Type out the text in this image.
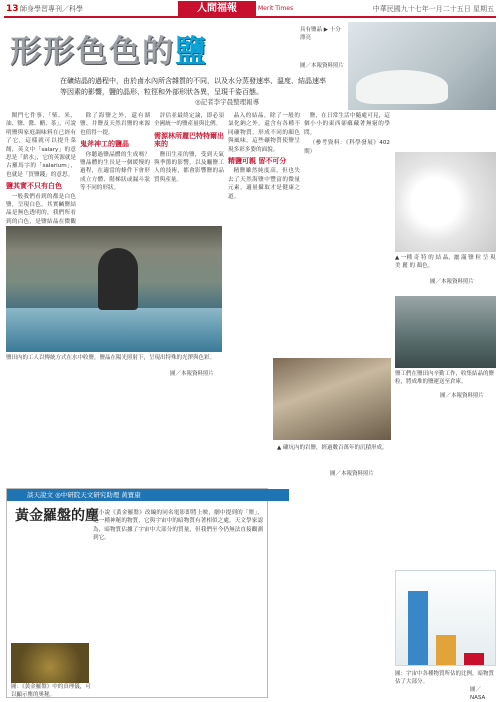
13 師身學習專刊／科學	人間福報	Merit Times	中華民國九十七年一月二十五日 星期五
形形色色的鹽
在礦結晶的過程中，由於鹵水內所含雜質的不同，以及水分蒸發速率、溫度、結晶速率等因素的影響，鹽的晶形、粒徑和外部形狀各異，呈現千姿百態。
◎記者李宇晨整理報導
具有鹽晶 ▶ 十分漂亮
圖／本報資料照片

閩門七件事，「柴、米、油、鹽、醬、醋、茶」，可說明鹽與家庭調味料在已經有了它，這樣就可以提升菜餚，英文中「salary」的意思是「薪水」，它的英源就是古羅馬字的「salarium」，也就是「買鹽錢」的意思。

鹽其實不只有白色

一般我們看到的都是白色鹽，呈現白色，其實鹹鹽結晶是無色透明的，我們所看到的白色，是鹽結晶在微觀

除了海鹽之外，還有湖鹽、井鹽及天然岩鹽的來源也值得一提。

鬼斧神工的鹽晶

你聽過鹽晶體的生成嗎？鹽晶體的生長是一個緩慢的過程，在適當的條件下會形成立方體、階梯狀或漏斗狀等不同的形狀。

評估並最終定論，即必須全國統一的鹽產量與比例。

需源林所麗巴特特爾出來的

鹽田生產的鹽，受到天氣與季節的影響，以及曬鹽工人的技術，都會影響鹽的品質與產量。

晶入的結晶，除了一般的氯化鈉之外，還含有各種不同礦物質，形成不同的顏色與風味，這些礦物質使鹽呈現多彩多姿的面貌。

精鹽可親 留不可分

精鹽雖然純度高，但也失去了天然海鹽中豐富的微量元素，適量攝取才是健康之道。

鹽，在日常生活中隨處可見，這個小小的東西卻蘊藏著無窮的學問。

（參考資料：《科學發展》402期）

鹽田內的工人以傳統方式在水中收鹽，鹽晶在陽光照射下，呈現出特殊的光澤與色彩。
圖／本報資料照片
▲ 一種 奇 特 的 結 晶，灑 滿 鹽 粒 呈 現 美 麗 的 顏色。
圖／本報資料照片
鹽工們在鹽田內辛勤工作，收集結晶的鹽粒，將成堆的鹽運送至倉庫。
圖／本報資料照片
▲ 礦坑內的岩鹽，經過數百萬年的沉積形成。
圖／本報資料照片
談天說文 ◎中研院天文研究助理 黃寶康
黃金羅盤的塵
以小說《黃金羅盤》改編的同名電影即將上映，劇中提到的「塵」，是一種神秘的物質，它與宇宙中的暗物質有著相似之處。天文學家認為，暗物質佔據了宇宙中大部分的質量，但我們至今仍無法直接觀測到它。
圖：《黃金羅盤》中的真理儀，可以顯示塵的奧秘。
圖：宇宙中各種物質所佔的比例，暗物質佔了大部分。
圖／NASA
